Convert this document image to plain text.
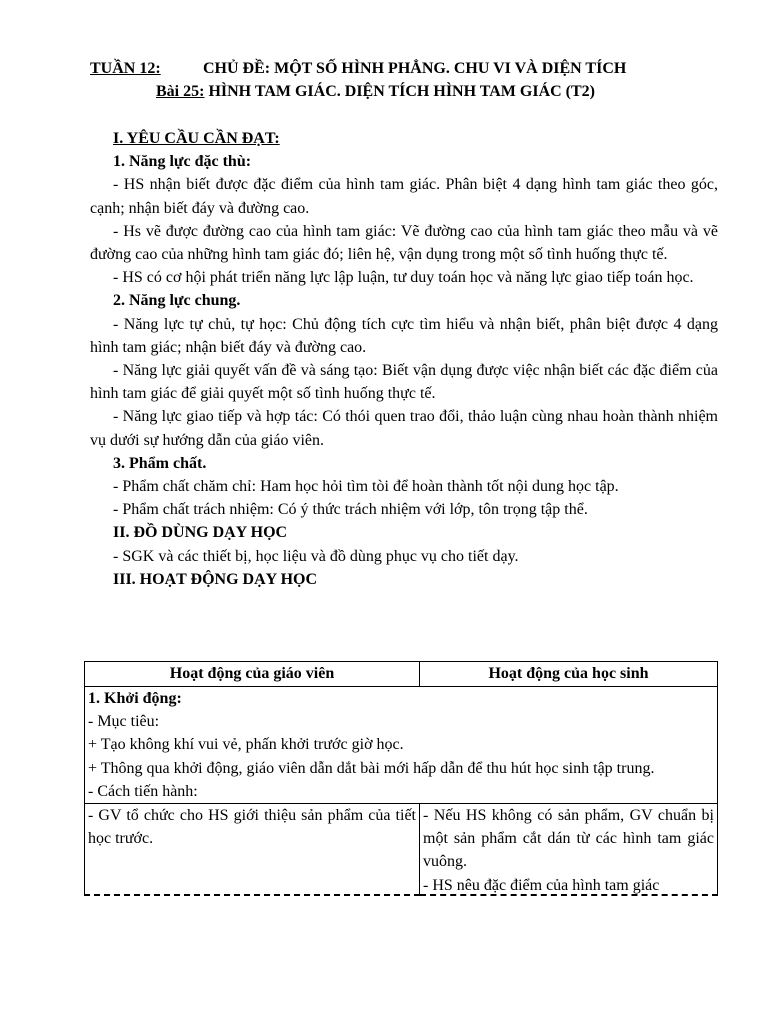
TUẦN 12:	CHỦ ĐỀ: MỘT SỐ HÌNH PHẲNG. CHU VI VÀ DIỆN TÍCH
Bài 25: HÌNH TAM GIÁC. DIỆN TÍCH HÌNH TAM GIÁC (T2)
I. YÊU CẦU CẦN ĐẠT:
1. Năng lực đặc thù:
- HS nhận biết được đặc điểm của hình tam giác. Phân biệt 4 dạng hình tam giác theo góc, cạnh; nhận biết đáy và đường cao.
- Hs vẽ được đường cao của hình tam giác: Vẽ đường cao của hình tam giác theo mẫu và vẽ đường cao của những hình tam giác đó; liên hệ, vận dụng trong một số tình huống thực tế.
- HS có cơ hội phát triển năng lực lập luận, tư duy toán học và năng lực giao tiếp toán học.
2. Năng lực chung.
- Năng lực tự chủ, tự học: Chủ động tích cực tìm hiểu và nhận biết, phân biệt được 4 dạng hình tam giác; nhận biết đáy và đường cao.
- Năng lực giải quyết vấn đề và sáng tạo: Biết vận dụng được việc nhận biết các đặc điểm của hình tam giác để giải quyết một số tình huống thực tế.
- Năng lực giao tiếp và hợp tác: Có thói quen trao đổi, thảo luận cùng nhau hoàn thành nhiệm vụ dưới sự hướng dẫn của giáo viên.
3. Phẩm chất.
- Phẩm chất chăm chỉ: Ham học hỏi tìm tòi để hoàn thành tốt nội dung học tập.
- Phẩm chất trách nhiệm: Có ý thức trách nhiệm với lớp, tôn trọng tập thể.
II. ĐỒ DÙNG DẠY HỌC
- SGK và các thiết bị, học liệu và đồ dùng phục vụ cho tiết dạy.
III. HOẠT ĐỘNG DẠY HỌC
Hoạt động của giáo viên	Hoạt động của học sinh

1. Khởi động:
- Mục tiêu:
+ Tạo không khí vui vẻ, phấn khởi trước giờ học.
+ Thông qua khởi động, giáo viên dẫn dắt bài mới hấp dẫn để thu hút học sinh tập trung.
- Cách tiến hành:	

- GV tổ chức cho HS giới thiệu sản phẩm của tiết học trước.	- Nếu HS không có sản phẩm, GV chuẩn bị một sản phẩm cắt dán từ các hình tam giác vuông.
- HS nêu đặc điểm của hình tam giác
